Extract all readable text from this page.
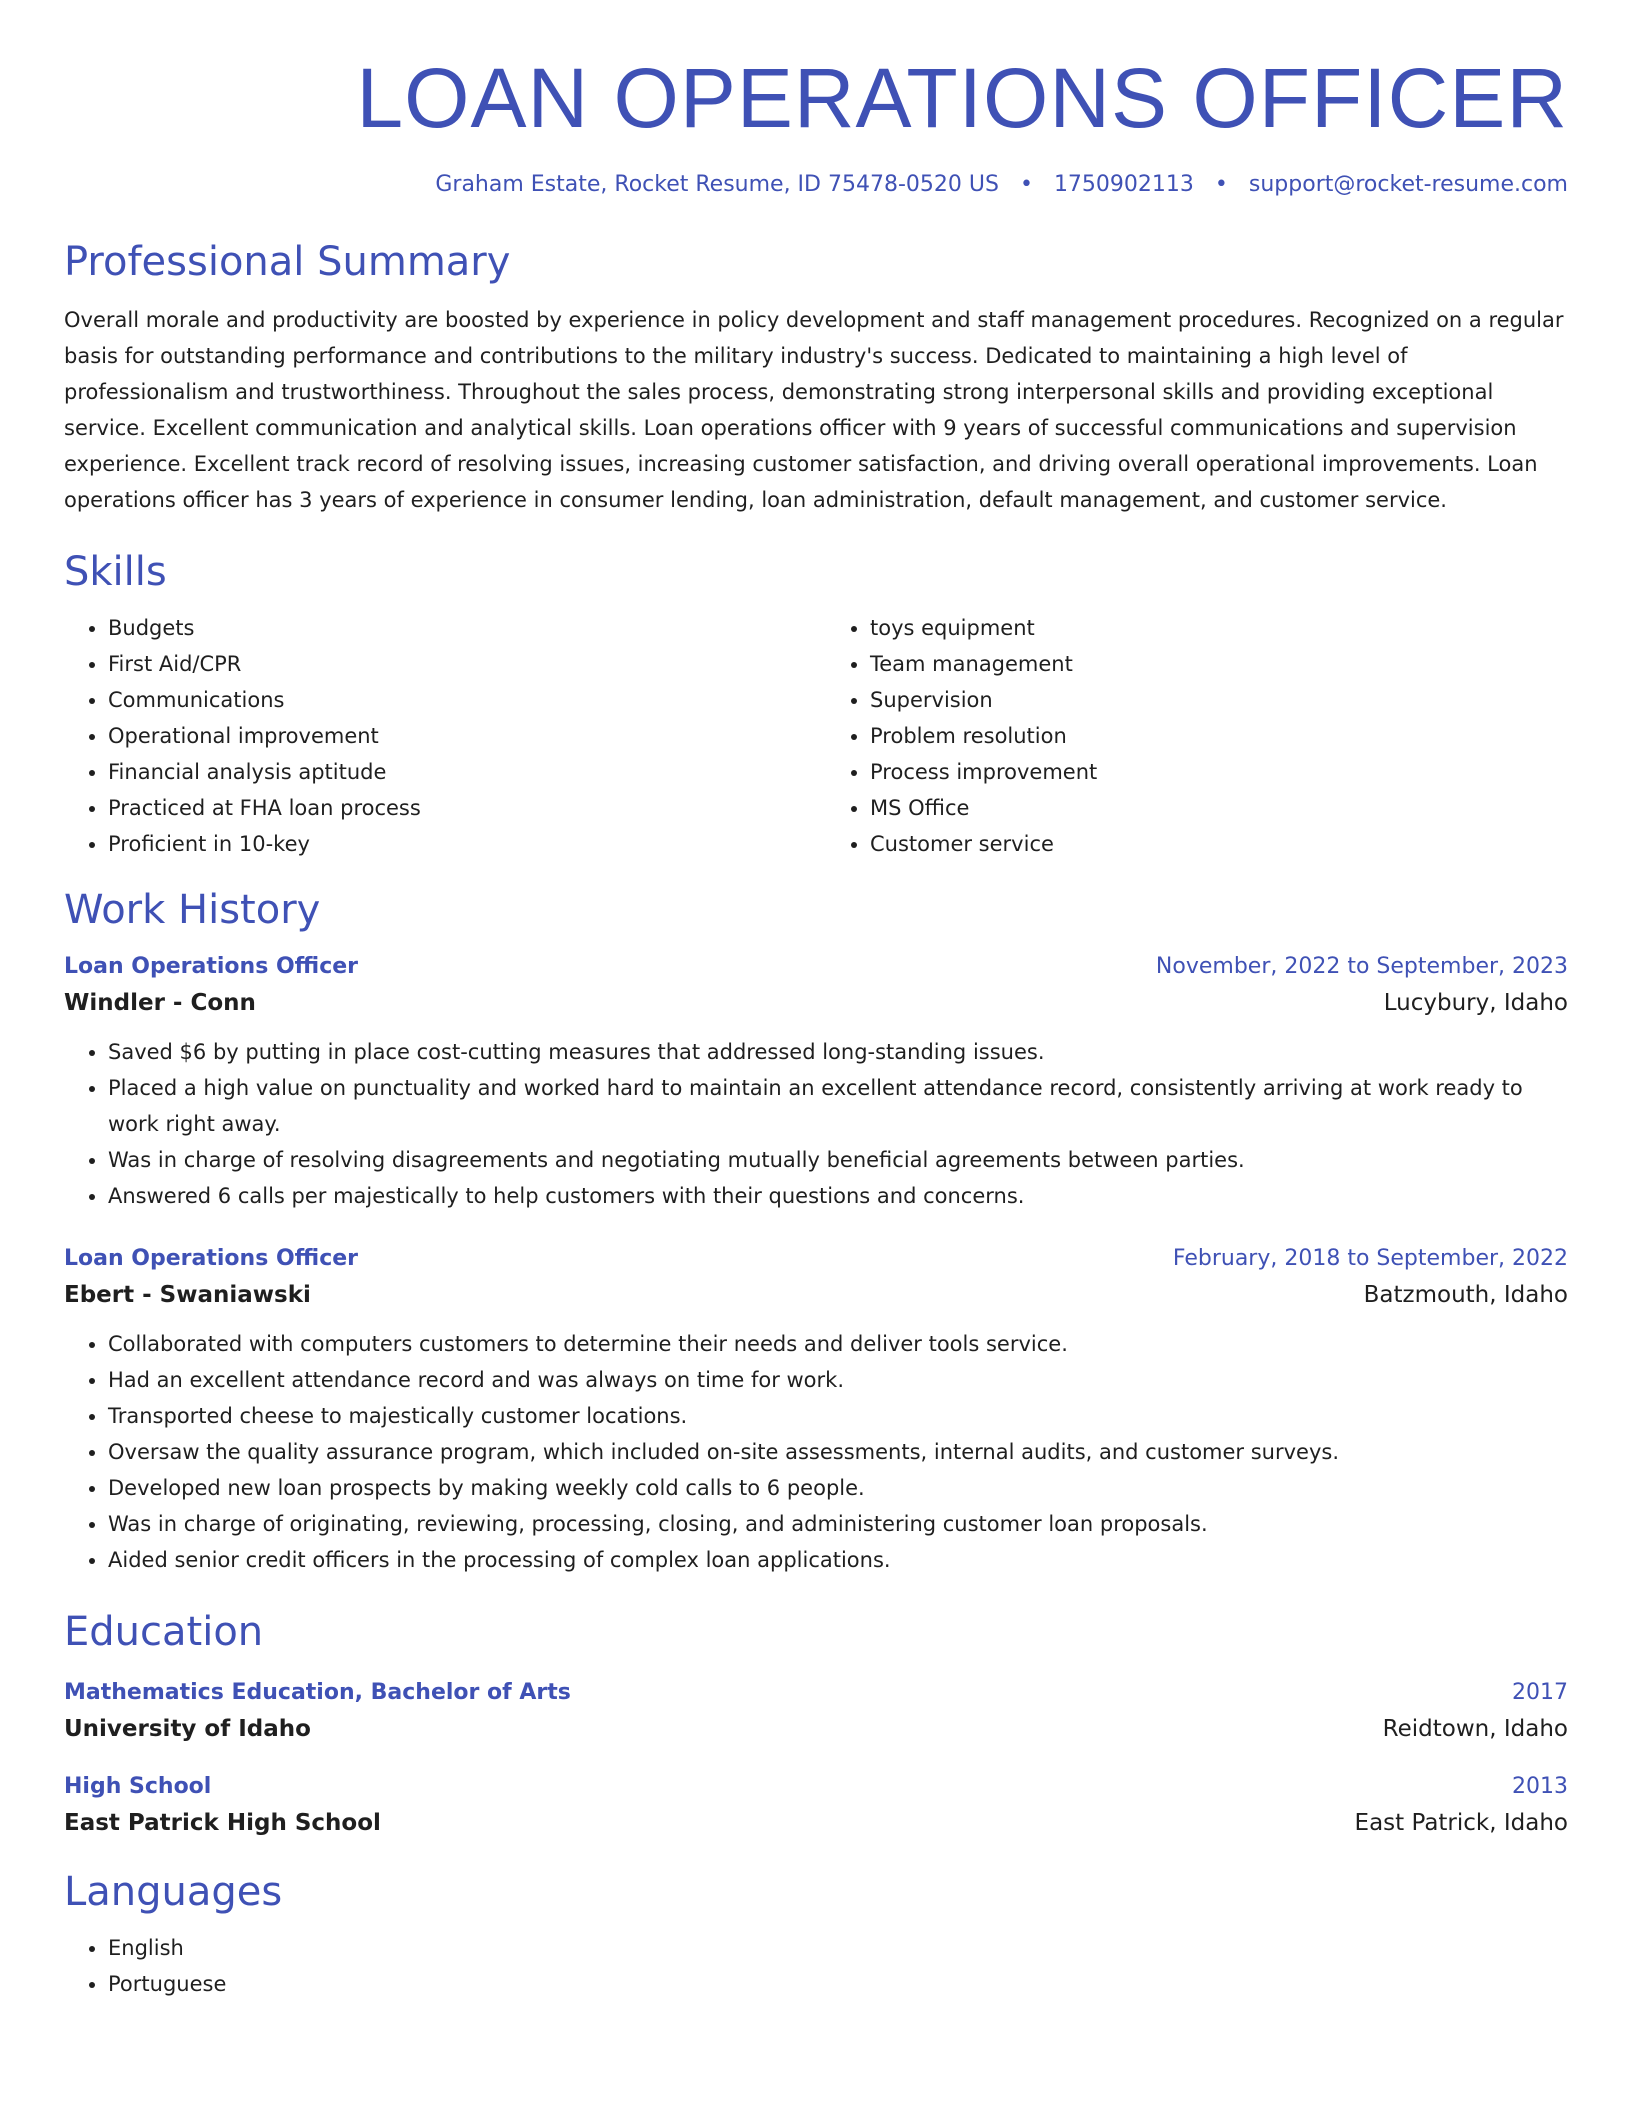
LOAN OPERATIONS OFFICER
Graham Estate, Rocket Resume, ID 75478-0520 US • 1750902113 • support@rocket-resume.com
Professional Summary
Overall morale and productivity are boosted by experience in policy development and staff management procedures. Recognized on a regular basis for outstanding performance and contributions to the military industry's success. Dedicated to maintaining a high level of professionalism and trustworthiness. Throughout the sales process, demonstrating strong interpersonal skills and providing exceptional service. Excellent communication and analytical skills. Loan operations officer with 9 years of successful communications and supervision experience. Excellent track record of resolving issues, increasing customer satisfaction, and driving overall operational improvements. Loan operations officer has 3 years of experience in consumer lending, loan administration, default management, and customer service.
Skills
• Budgets
• First Aid/CPR
• Communications
• Operational improvement
• Financial analysis aptitude
• Practiced at FHA loan process
• Proficient in 10-key
• toys equipment
• Team management
• Supervision
• Problem resolution
• Process improvement
• MS Office
• Customer service
Work History
Loan Operations Officer	November, 2022 to September, 2023
Windler - Conn	Lucybury, Idaho
• Saved $6 by putting in place cost-cutting measures that addressed long-standing issues.
• Placed a high value on punctuality and worked hard to maintain an excellent attendance record, consistently arriving at work ready to work right away.
• Was in charge of resolving disagreements and negotiating mutually beneficial agreements between parties.
• Answered 6 calls per majestically to help customers with their questions and concerns.
Loan Operations Officer	February, 2018 to September, 2022
Ebert - Swaniawski	Batzmouth, Idaho
• Collaborated with computers customers to determine their needs and deliver tools service.
• Had an excellent attendance record and was always on time for work.
• Transported cheese to majestically customer locations.
• Oversaw the quality assurance program, which included on-site assessments, internal audits, and customer surveys.
• Developed new loan prospects by making weekly cold calls to 6 people.
• Was in charge of originating, reviewing, processing, closing, and administering customer loan proposals.
• Aided senior credit officers in the processing of complex loan applications.
Education
Mathematics Education, Bachelor of Arts	2017
University of Idaho	Reidtown, Idaho
High School	2013
East Patrick High School	East Patrick, Idaho
Languages
• English
• Portuguese
